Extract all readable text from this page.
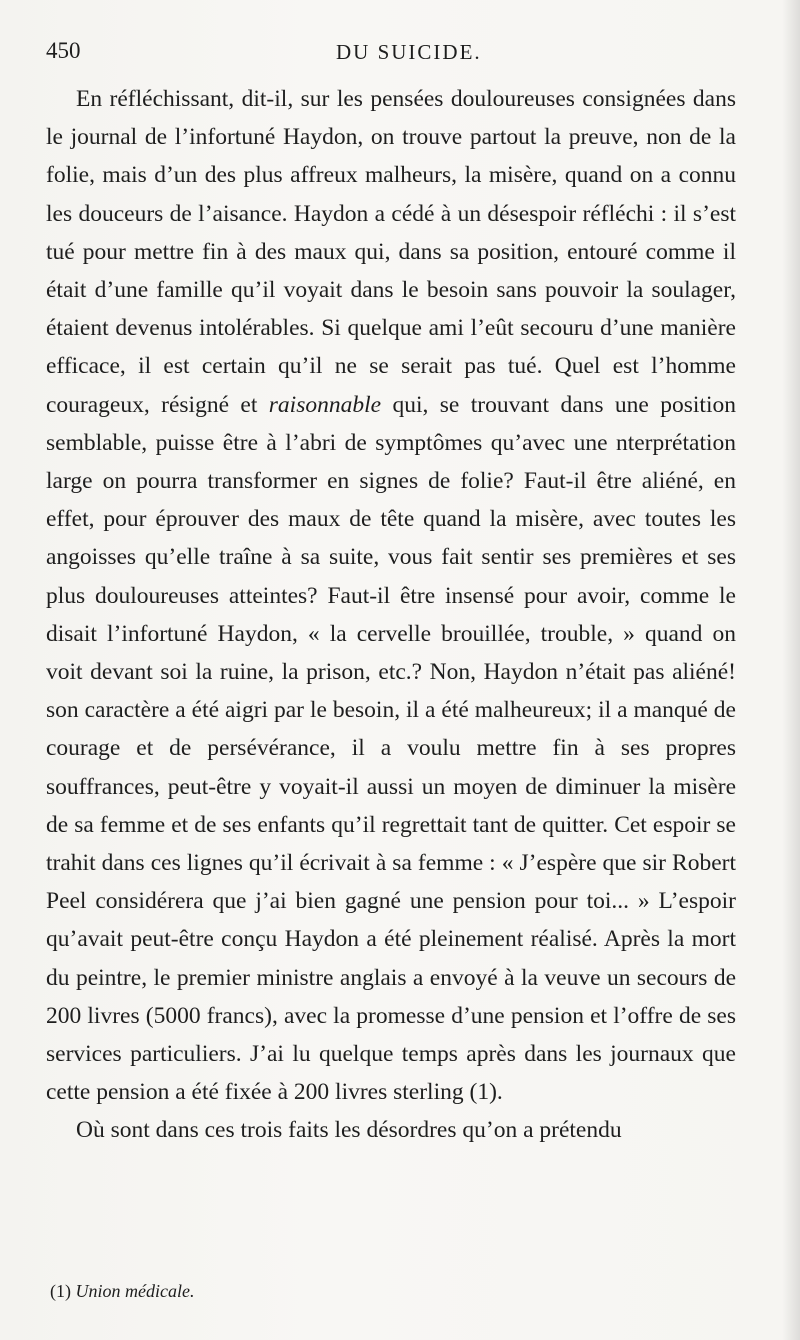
450	DU SUICIDE.

En réfléchissant, dit-il, sur les pensées douloureuses consignées dans le journal de l’infortuné Haydon, on trouve partout la preuve, non de la folie, mais d’un des plus affreux malheurs, la misère, quand on a connu les douceurs de l’aisance. Haydon a cédé à un désespoir réfléchi : il s’est tué pour mettre fin à des maux qui, dans sa position, entouré comme il était d’une famille qu’il voyait dans le besoin sans pouvoir la soulager, étaient devenus intolérables. Si quelque ami l’eût secouru d’une manière efficace, il est certain qu’il ne se serait pas tué. Quel est l’homme courageux, résigné et raisonnable qui, se trouvant dans une position semblable, puisse être à l’abri de symptômes qu’avec une nterprétation large on pourra transformer en signes de folie? Faut-il être aliéné, en effet, pour éprouver des maux de tête quand la misère, avec toutes les angoisses qu’elle traîne à sa suite, vous fait sentir ses premières et ses plus douloureuses atteintes? Faut-il être insensé pour avoir, comme le disait l’infortuné Haydon, « la cervelle brouillée, trouble, » quand on voit devant soi la ruine, la prison, etc.? Non, Haydon n’était pas aliéné! son caractère a été aigri par le besoin, il a été malheureux; il a manqué de courage et de persévérance, il a voulu mettre fin à ses propres souffrances, peut-être y voyait-il aussi un moyen de diminuer la misère de sa femme et de ses enfants qu’il regrettait tant de quitter. Cet espoir se trahit dans ces lignes qu’il écrivait à sa femme : « J’espère que sir Robert Peel considérera que j’ai bien gagné une pension pour toi... » L’espoir qu’avait peut-être conçu Haydon a été pleinement réalisé. Après la mort du peintre, le premier ministre anglais a envoyé à la veuve un secours de 200 livres (5000 francs), avec la promesse d’une pension et l’offre de ses services particuliers. J’ai lu quelque temps après dans les journaux que cette pension a été fixée à 200 livres sterling (1).

Où sont dans ces trois faits les désordres qu’on a prétendu

(1) Union médicale.
